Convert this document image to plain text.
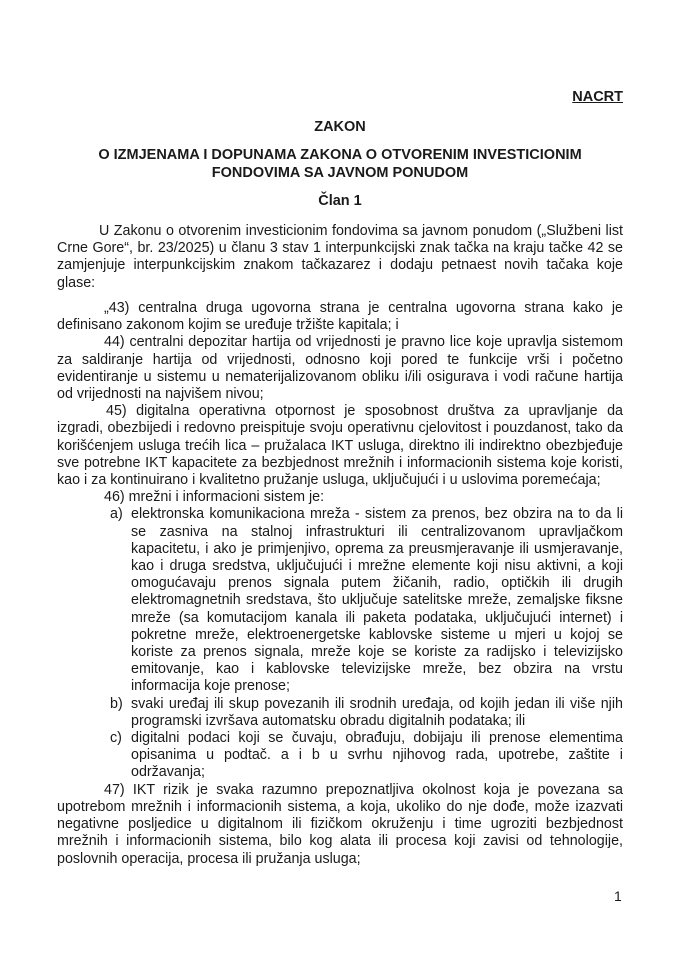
NACRT
ZAKON
O IZMJENAMA I DOPUNAMA ZAKONA O OTVORENIM INVESTICIONIM
FONDOVIMA SA JAVNOM PONUDOM
Član 1

U Zakonu o otvorenim investicionim fondovima sa javnom ponudom („Službeni list Crne Gore“, br. 23/2025) u članu 3 stav 1 interpunkcijski znak tačka na kraju tačke 42 se zamjenjuje interpunkcijskim znakom tačkazarez i dodaju petnaest novih tačaka koje glase:

„43) centralna druga ugovorna strana je centralna ugovorna strana kako je definisano zakonom kojim se uređuje tržište kapitala; i

44) centralni depozitar hartija od vrijednosti je pravno lice koje upravlja sistemom za saldiranje hartija od vrijednosti, odnosno koji pored te funkcije vrši i početno evidentiranje u sistemu u nematerijalizovanom obliku i/ili osigurava i vodi račune hartija od vrijednosti na najvišem nivou;

45) digitalna operativna otpornost je sposobnost društva za upravljanje da izgradi, obezbijedi i redovno preispituje svoju operativnu cjelovitost i pouzdanost, tako da korišćenjem usluga trećih lica – pružalaca IKT usluga, direktno ili indirektno obezbjeđuje sve potrebne IKT kapacitete za bezbjednost mrežnih i informacionih sistema koje koristi, kao i za kontinuirano i kvalitetno pružanje usluga, uključujući i u uslovima poremećaja;

46) mrežni i informacioni sistem je:

a) elektronska komunikaciona mreža - sistem za prenos, bez obzira na to da li se zasniva na stalnoj infrastrukturi ili centralizovanom upravljačkom kapacitetu, i ako je primjenjivo, oprema za preusmjeravanje ili usmjeravanje, kao i druga sredstva, uključujući i mrežne elemente koji nisu aktivni, a koji omogućavaju prenos signala putem žičanih, radio, optičkih ili drugih elektromagnetnih sredstava, što uključuje satelitske mreže, zemaljske fiksne mreže (sa komutacijom kanala ili paketa podataka, uključujući internet) i pokretne mreže, elektroenergetske kablovske sisteme u mjeri u kojoj se koriste za prenos signala, mreže koje se koriste za radijsko i televizijsko emitovanje, kao i kablovske televizijske mreže, bez obzira na vrstu informacija koje prenose;

b) svaki uređaj ili skup povezanih ili srodnih uređaja, od kojih jedan ili više njih programski izvršava automatsku obradu digitalnih podataka; ili

c) digitalni podaci koji se čuvaju, obrađuju, dobijaju ili prenose elementima opisanima u podtač. a i b u svrhu njihovog rada, upotrebe, zaštite i održavanja;

47) IKT rizik je svaka razumno prepoznatljiva okolnost koja je povezana sa upotrebom mrežnih i informacionih sistema, a koja, ukoliko do nje dođe, može izazvati negativne posljedice u digitalnom ili fizičkom okruženju i time ugroziti bezbjednost mrežnih i informacionih sistema, bilo kog alata ili procesa koji zavisi od tehnologije, poslovnih operacija, procesa ili pružanja usluga;

1
